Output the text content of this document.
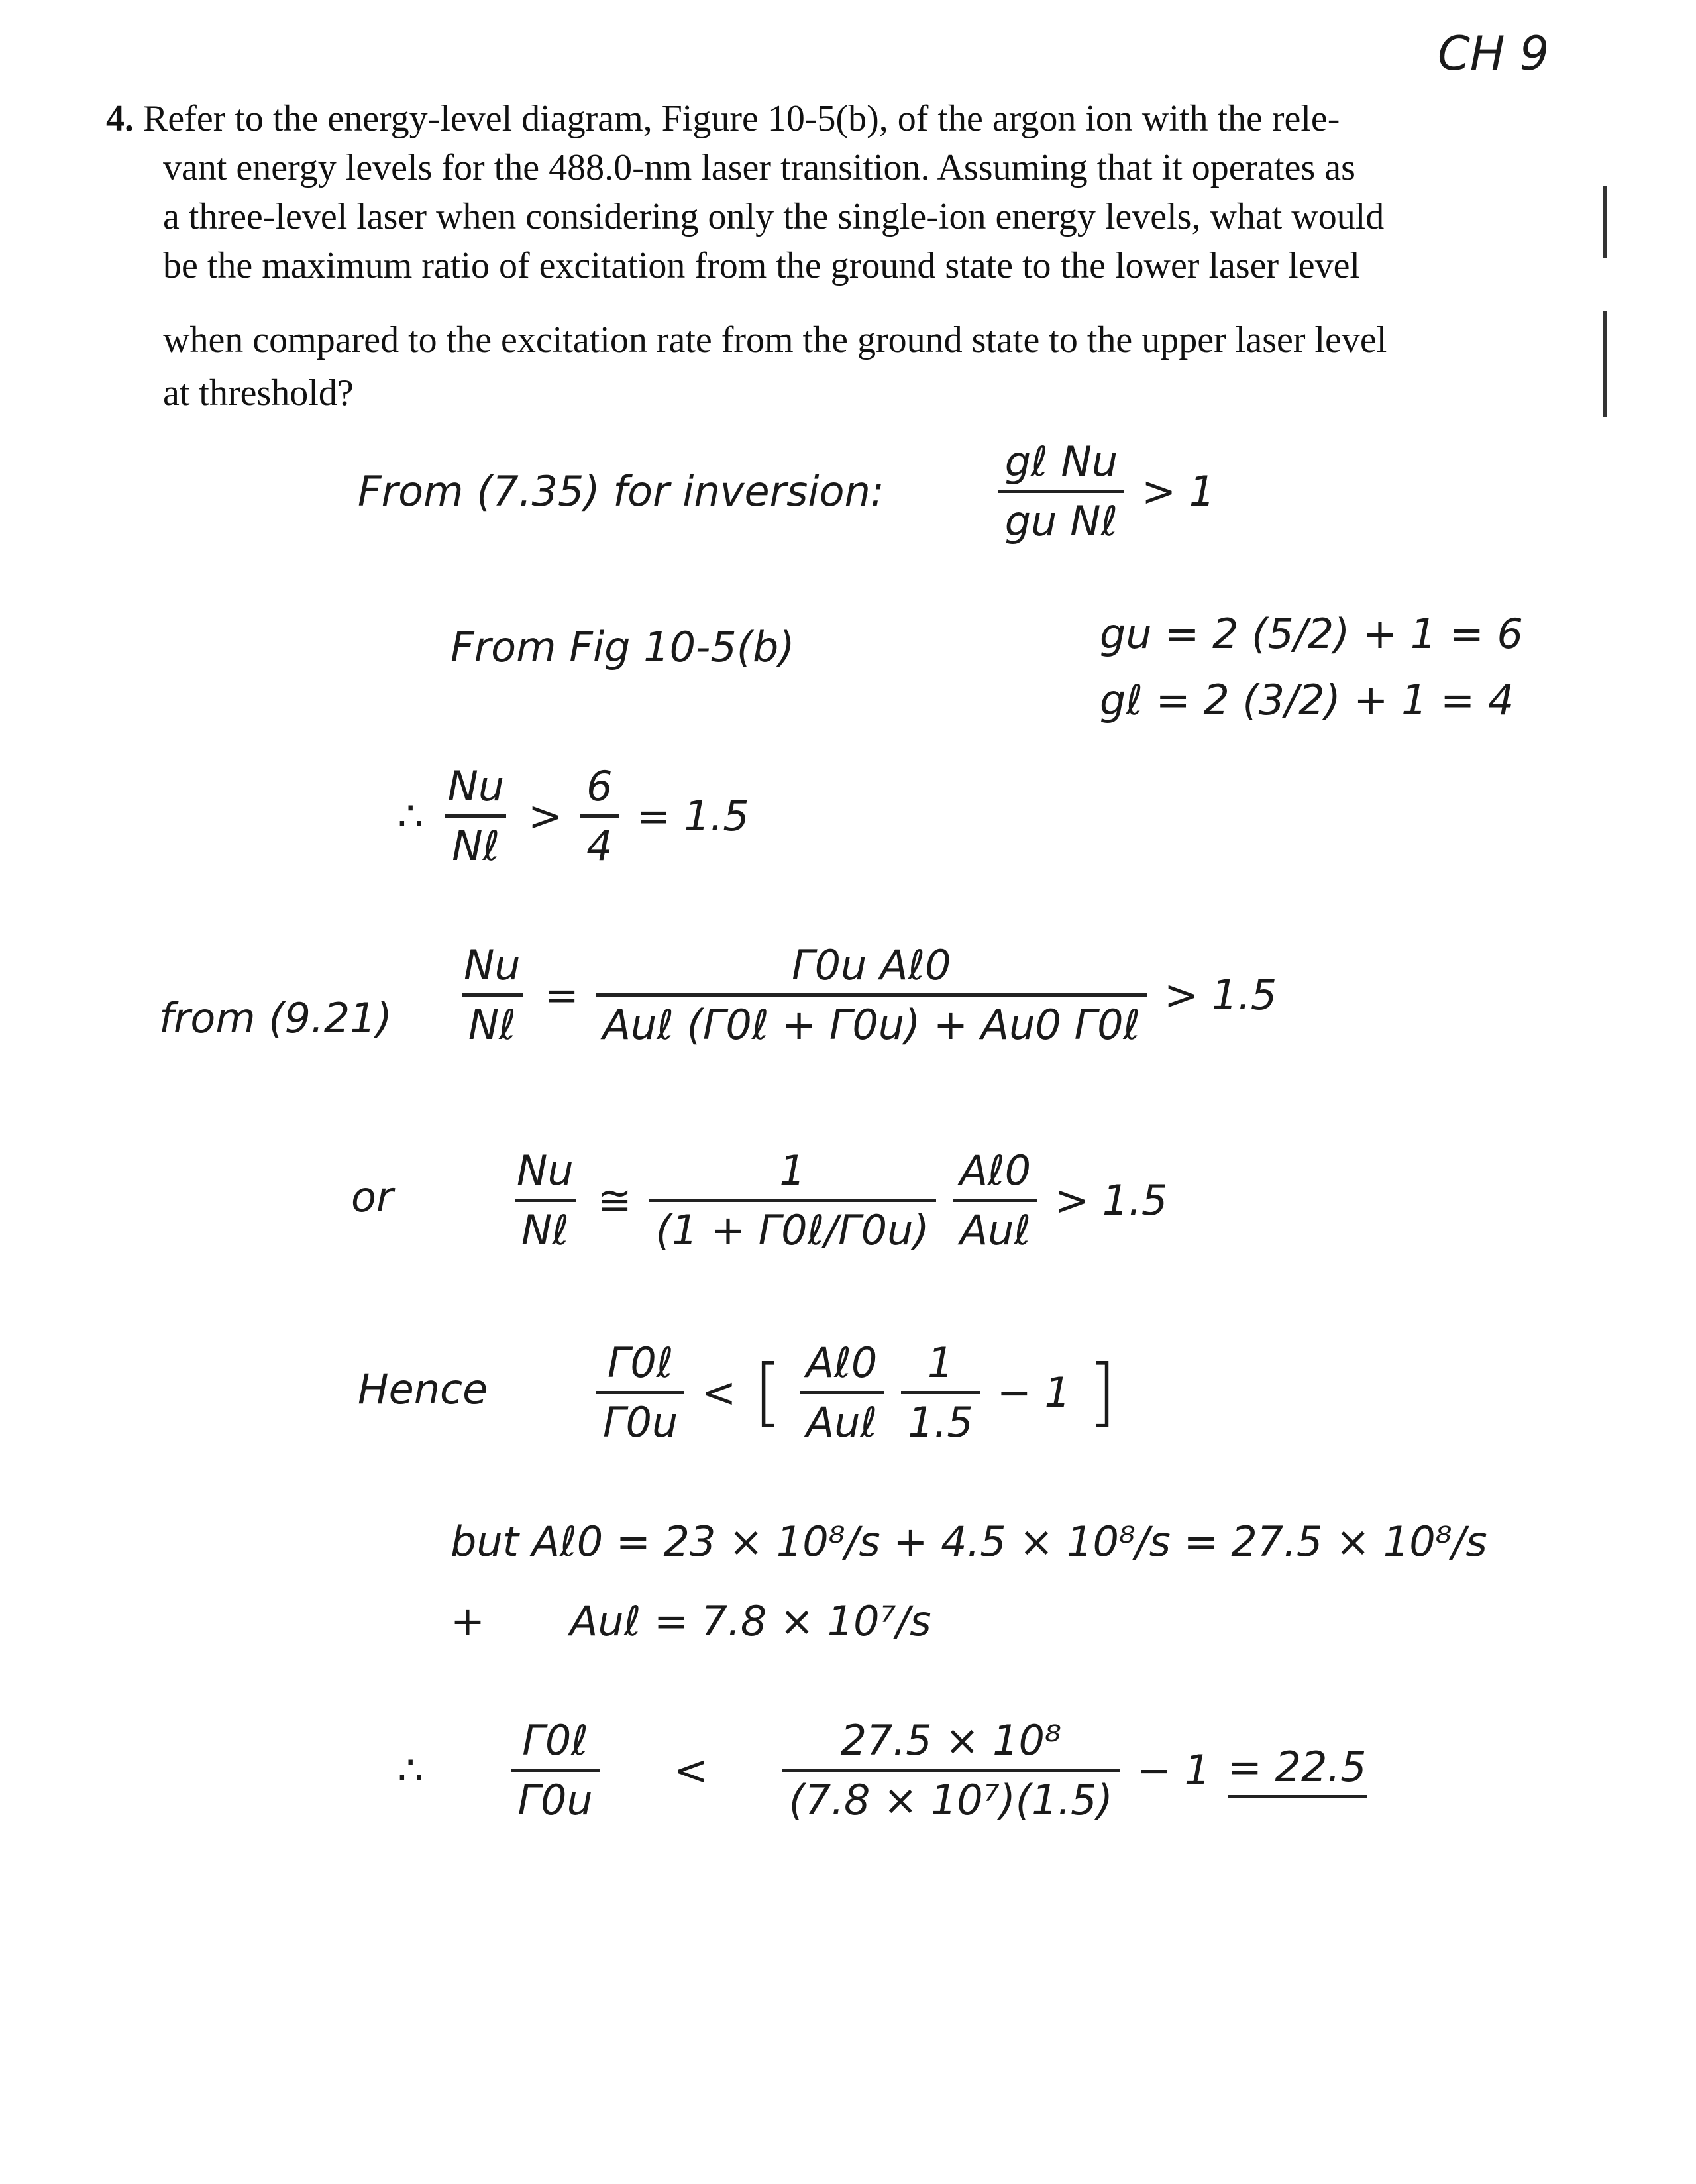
CH 9
4. Refer to the energy-level diagram, Figure 10-5(b), of the argon ion with the rele-
vant energy levels for the 488.0-nm laser transition. Assuming that it operates as
a three-level laser when considering only the single-ion energy levels, what would
be the maximum ratio of excitation from the ground state to the lower laser level
when compared to the excitation rate from the ground state to the upper laser level
at threshold?
From (7.35) for inversion:	$\frac{\text{gℓ Nu}}{\text{gu Nℓ}} > 1$
From Fig 10-5(b)	gu = 2 (5/2) + 1 = 6
gℓ = 2 (3/2) + 1 = 4
∴ $\frac{Nu}{\text{Nℓ}} > \frac{6}{4} = 1.5$
from $(9.21) \frac{Nu}{\text{Nℓ}} = \frac{\text{Γ0u Aℓ0}}{\text{Auℓ (Γ0ℓ + Γ0u) + Au0 Γ0ℓ}} > 1.5$
or	$\frac{Nu}{\text{Nℓ}}$ ≅ $\frac{1}{\text{(1 + Γ0ℓ/Γ0u)}} \frac{\text{Aℓ0}}{\text{Auℓ}} > 1.5$
Hence	$\frac{\text{Γ0ℓ}}{\Gamma 0u}$ < [ $\frac{\text{Aℓ0}}{\text{Auℓ}} \frac{1}{1.5} - 1$ ]
but Aℓ0 = 23 × 10⁸/s + 4.5 × 10⁸/s = 27.5 × 10⁸/s
+ Auℓ = 7.8 × 10⁷/s
∴ $\frac{\text{Γ0ℓ}}{\Gamma 0u} < \frac{\text{27.5 × 10⁸}}{\text{(7.8 × 10⁷)(1.5)}} - 1 = 22.5$
